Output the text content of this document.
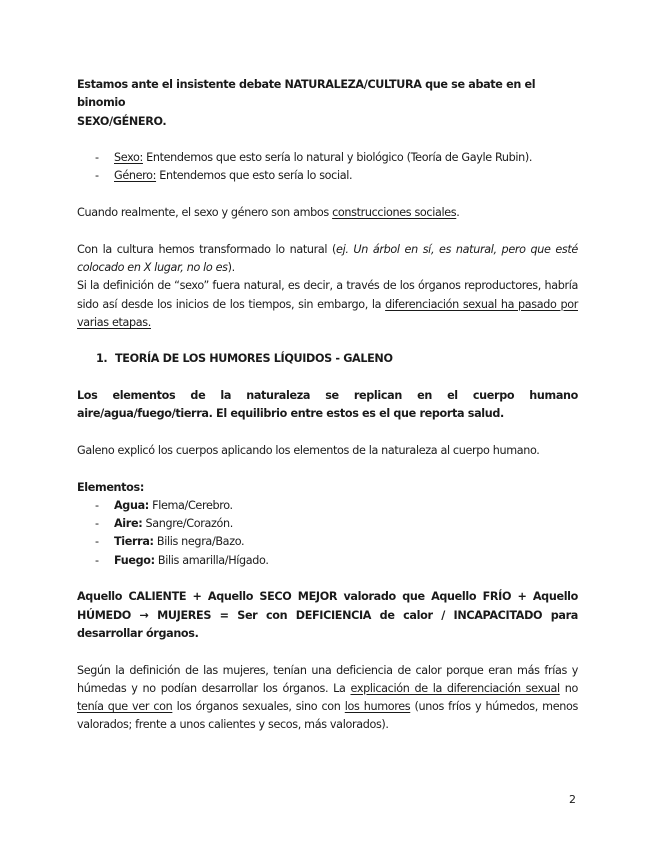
Estamos ante el insistente debate NATURALEZA/CULTURA que se abate en el binomio
SEXO/GÉNERO.

- Sexo: Entendemos que esto sería lo natural y biológico (Teoría de Gayle Rubin).
- Género: Entendemos que esto sería lo social.

Cuando realmente, el sexo y género son ambos construcciones sociales.

Con la cultura hemos transformado lo natural (ej. Un árbol en sí, es natural, pero que esté colocado en X lugar, no lo es).

Si la definición de “sexo” fuera natural, es decir, a través de los órganos reproductores, habría sido así desde los inicios de los tiempos, sin embargo, la diferenciación sexual ha pasado por varias etapas.

1. TEORÍA DE LOS HUMORES LÍQUIDOS - GALENO

Los elementos de la naturaleza se replican en el cuerpo humano aire/agua/fuego/tierra. El equilibrio entre estos es el que reporta salud.

Galeno explicó los cuerpos aplicando los elementos de la naturaleza al cuerpo humano.

Elementos:

- Agua: Flema/Cerebro.
- Aire: Sangre/Corazón.
- Tierra: Bilis negra/Bazo.
- Fuego: Bilis amarilla/Hígado.

Aquello CALIENTE + Aquello SECO MEJOR valorado que Aquello FRÍO + Aquello HÚMEDO → MUJERES = Ser con DEFICIENCIA de calor / INCAPACITADO para desarrollar órganos.

Según la definición de las mujeres, tenían una deficiencia de calor porque eran más frías y húmedas y no podían desarrollar los órganos. La explicación de la diferenciación sexual no tenía que ver con los órganos sexuales, sino con los humores (unos fríos y húmedos, menos valorados; frente a unos calientes y secos, más valorados).

2
